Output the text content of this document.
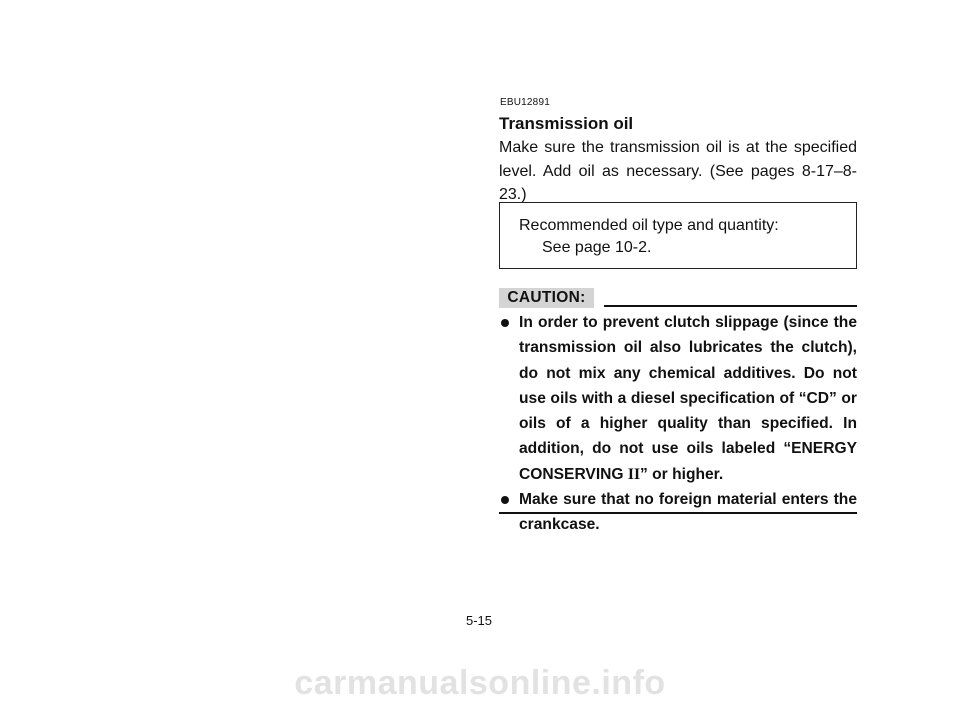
EBU12891
Transmission oil
Make sure the transmission oil is at the specified level. Add oil as necessary. (See pages 8-17–8-23.)
Recommended oil type and quantity:
See page 10-2.
CAUTION:
In order to prevent clutch slippage (since the transmission oil also lubricates the clutch), do not mix any chemical additives. Do not use oils with a diesel specification of “CD” or oils of a higher quality than specified. In addition, do not use oils labeled “ENERGY CONSERVING II” or higher.
Make sure that no foreign material enters the crankcase.
5-15
carmanualsonline.info
